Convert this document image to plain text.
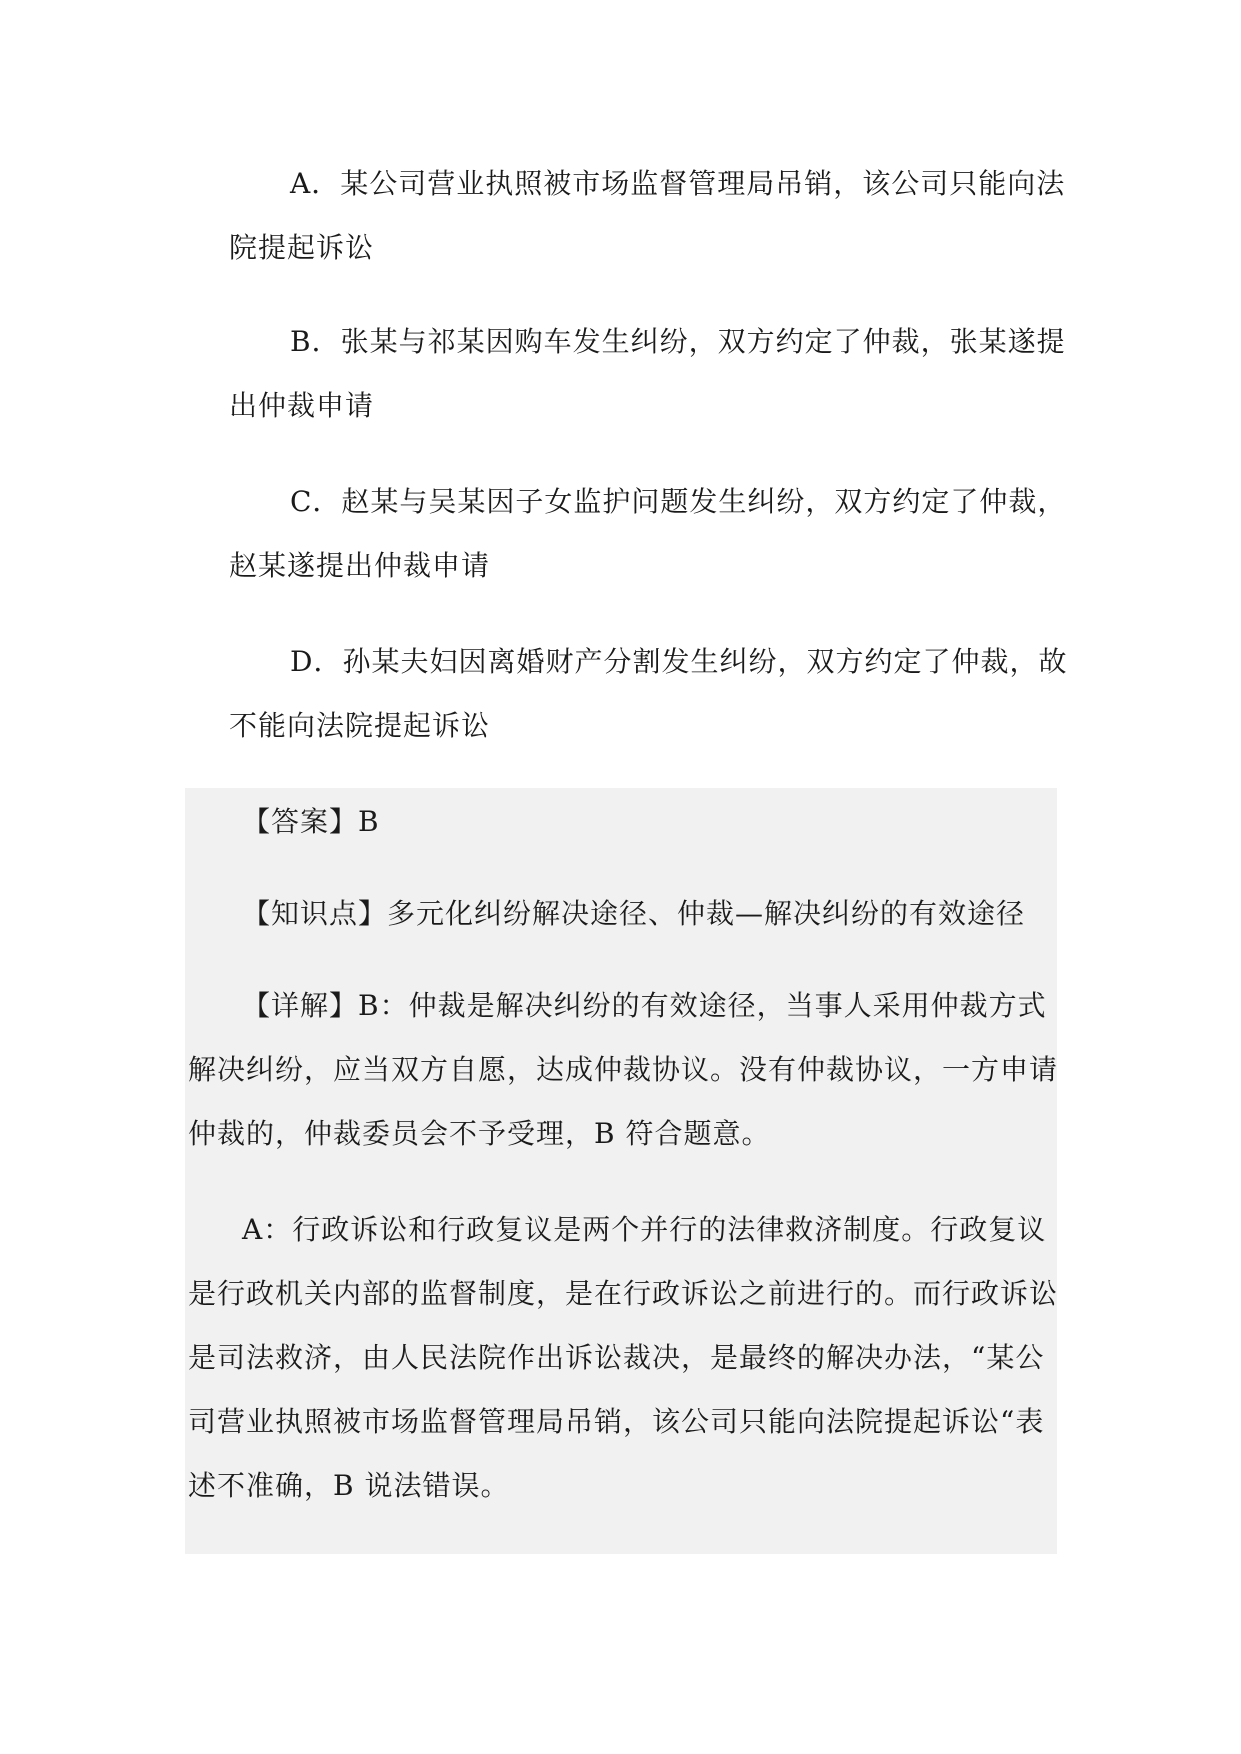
A．某公司营业执照被市场监督管理局吊销，该公司只能向法
院提起诉讼
B．张某与祁某因购车发生纠纷，双方约定了仲裁，张某遂提
出仲裁申请
C．赵某与吴某因子女监护问题发生纠纷，双方约定了仲裁，
赵某遂提出仲裁申请
D．孙某夫妇因离婚财产分割发生纠纷，双方约定了仲裁，故
不能向法院提起诉讼
【答案】B
【知识点】多元化纠纷解决途径、仲裁—解决纠纷的有效途径
【详解】B：仲裁是解决纠纷的有效途径，当事人采用仲裁方式
解决纠纷，应当双方自愿，达成仲裁协议。没有仲裁协议，一方申请
仲裁的，仲裁委员会不予受理，B 符合题意。
A：行政诉讼和行政复议是两个并行的法律救济制度。行政复议
是行政机关内部的监督制度，是在行政诉讼之前进行的。而行政诉讼
是司法救济，由人民法院作出诉讼裁决，是最终的解决办法，“某公
司营业执照被市场监督管理局吊销，该公司只能向法院提起诉讼“表
述不准确，B 说法错误。
